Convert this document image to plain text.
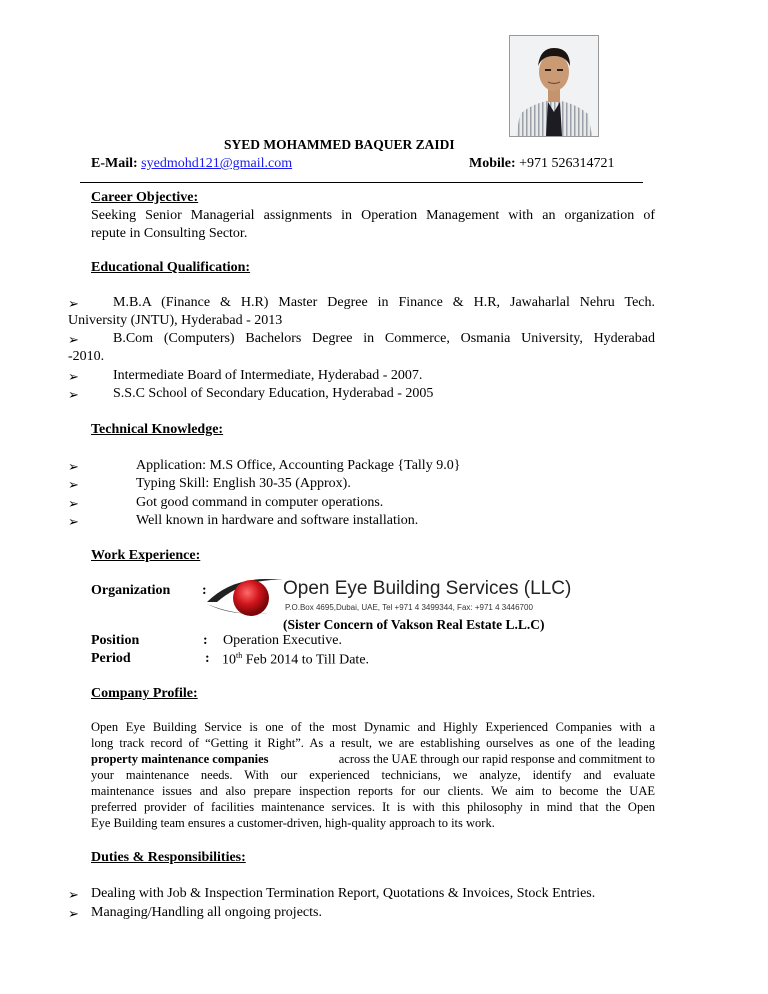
SYED MOHAMMED BAQUER ZAIDI
E-Mail: syedmohd121@gmail.com	Mobile: +971 526314721
Career Objective:
Seeking Senior Managerial assignments in Operation Management with an organization of
repute in Consulting Sector.
Educational Qualification:
➢ M.B.A (Finance & H.R) Master Degree in Finance & H.R, Jawaharlal Nehru Tech.
University (JNTU), Hyderabad - 2013
➢ B.Com (Computers) Bachelors Degree in Commerce, Osmania University, Hyderabad
-2010.
➢ Intermediate Board of Intermediate, Hyderabad - 2007.
➢ S.S.C School of Secondary Education, Hyderabad - 2005
Technical Knowledge:
➢	Application: M.S Office, Accounting Package {Tally 9.0}
➢	Typing Skill: English 30-35 (Approx).
➢	Got good command in computer operations.
➢	Well known in hardware and software installation.
Work Experience:
Organization :	Open Eye Building Services (LLC)
P.O.Box 4695,Dubai, UAE, Tel +971 4 3499344, Fax: +971 4 3446700
(Sister Concern of Vakson Real Estate L.L.C)
Position	: Operation Executive.
Period	: 10th Feb 2014 to Till Date.
Company Profile:
Open Eye Building Service is one of the most Dynamic and Highly Experienced Companies with a
long track record of “Getting it Right”. As a result, we are establishing ourselves as one of the leading
property maintenance companies	across the UAE through our rapid response and commitment to
your maintenance needs. With our experienced technicians, we analyze, identify and evaluate
maintenance issues and also prepare inspection reports for our clients. We aim to become the UAE
preferred provider of facilities maintenance services. It is with this philosophy in mind that the Open
Eye Building team ensures a customer-driven, high-quality approach to its work.
Duties & Responsibilities:
➢ Dealing with Job & Inspection Termination Report, Quotations & Invoices, Stock Entries.
➢ Managing/Handling all ongoing projects.
